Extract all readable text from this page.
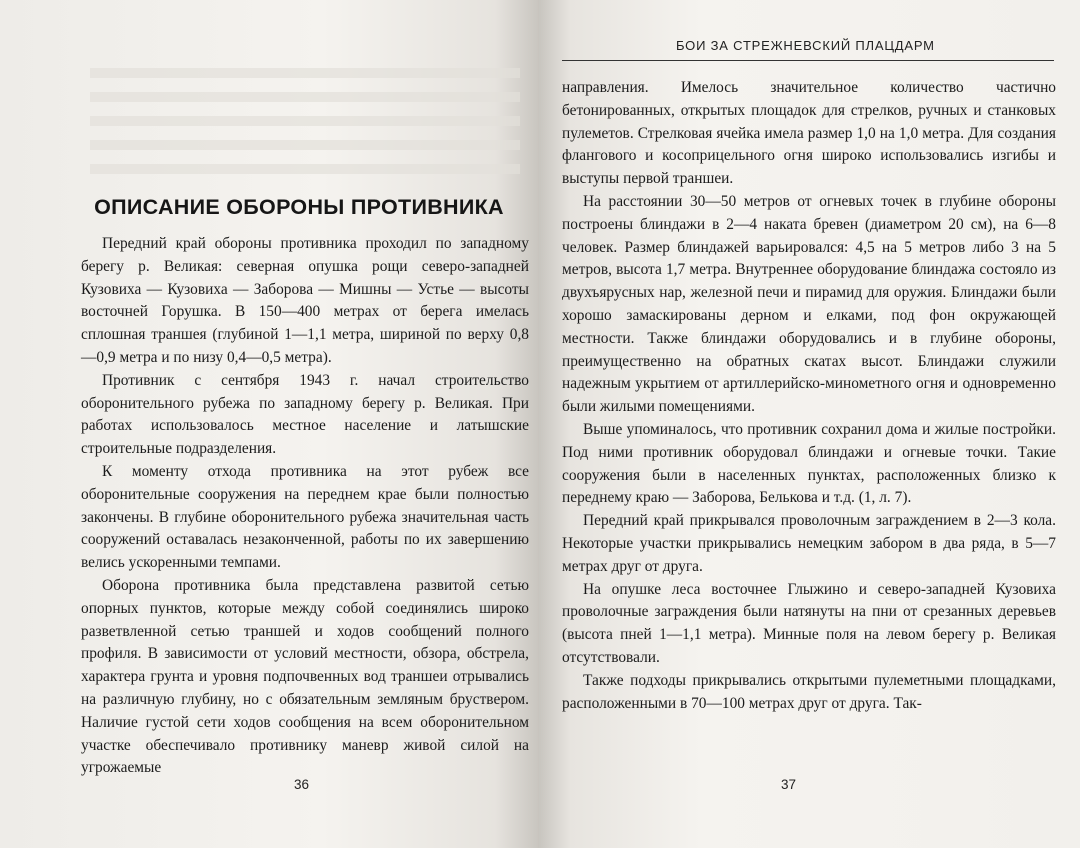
ОПИСАНИЕ ОБОРОНЫ ПРОТИВНИКА

Передний край обороны противника проходил по западному берегу р. Великая: северная опушка рощи северо-западней Кузовиха — Кузовиха — Заборова — Мишны — Устье — высоты восточней Горушка. В 150—400 метрах от берега имелась сплошная траншея (глубиной 1—1,1 метра, шириной по верху 0,8—0,9 метра и по низу 0,4—0,5 метра).

Противник с сентября 1943 г. начал строительство оборонительного рубежа по западному берегу р. Великая. При работах использовалось местное население и латышские строительные подразделения.

К моменту отхода противника на этот рубеж все оборонительные сооружения на переднем крае были полностью закончены. В глубине оборонительного рубежа значительная часть сооружений оставалась незаконченной, работы по их завершению велись ускоренными темпами.

Оборона противника была представлена развитой сетью опорных пунктов, которые между собой соединялись широко разветвленной сетью траншей и ходов сообщений полного профиля. В зависимости от условий местности, обзора, обстрела, характера грунта и уровня подпочвенных вод траншеи отрывались на различную глубину, но с обязательным земляным бруствером. Наличие густой сети ходов сообщения на всем оборонительном участке обеспечивало противнику маневр живой силой на угрожаемые

36
БОИ ЗА СТРЕЖНЕВСКИЙ ПЛАЦДАРМ

направления. Имелось значительное количество частично бетонированных, открытых площадок для стрелков, ручных и станковых пулеметов. Стрелковая ячейка имела размер 1,0 на 1,0 метра. Для создания флангового и косоприцельного огня широко использовались изгибы и выступы первой траншеи.

На расстоянии 30—50 метров от огневых точек в глубине обороны построены блиндажи в 2—4 наката бревен (диаметром 20 см), на 6—8 человек. Размер блиндажей варьировался: 4,5 на 5 метров либо 3 на 5 метров, высота 1,7 метра. Внутреннее оборудование блиндажа состояло из двухъярусных нар, железной печи и пирамид для оружия. Блиндажи были хорошо замаскированы дерном и елками, под фон окружающей местности. Также блиндажи оборудовались и в глубине обороны, преимущественно на обратных скатах высот. Блиндажи служили надежным укрытием от артиллерийско-минометного огня и одновременно были жилыми помещениями.

Выше упоминалось, что противник сохранил дома и жилые постройки. Под ними противник оборудовал блиндажи и огневые точки. Такие сооружения были в населенных пунктах, расположенных близко к переднему краю — Заборова, Белькова и т.д. (1, л. 7).

Передний край прикрывался проволочным заграждением в 2—3 кола. Некоторые участки прикрывались немецким забором в два ряда, в 5—7 метрах друг от друга.

На опушке леса восточнее Глыжино и северо-западней Кузовиха проволочные заграждения были натянуты на пни от срезанных деревьев (высота пней 1—1,1 метра). Минные поля на левом берегу р. Великая отсутствовали.

Также подходы прикрывались открытыми пулеметными площадками, расположенными в 70—100 метрах друг от друга. Так-

37
